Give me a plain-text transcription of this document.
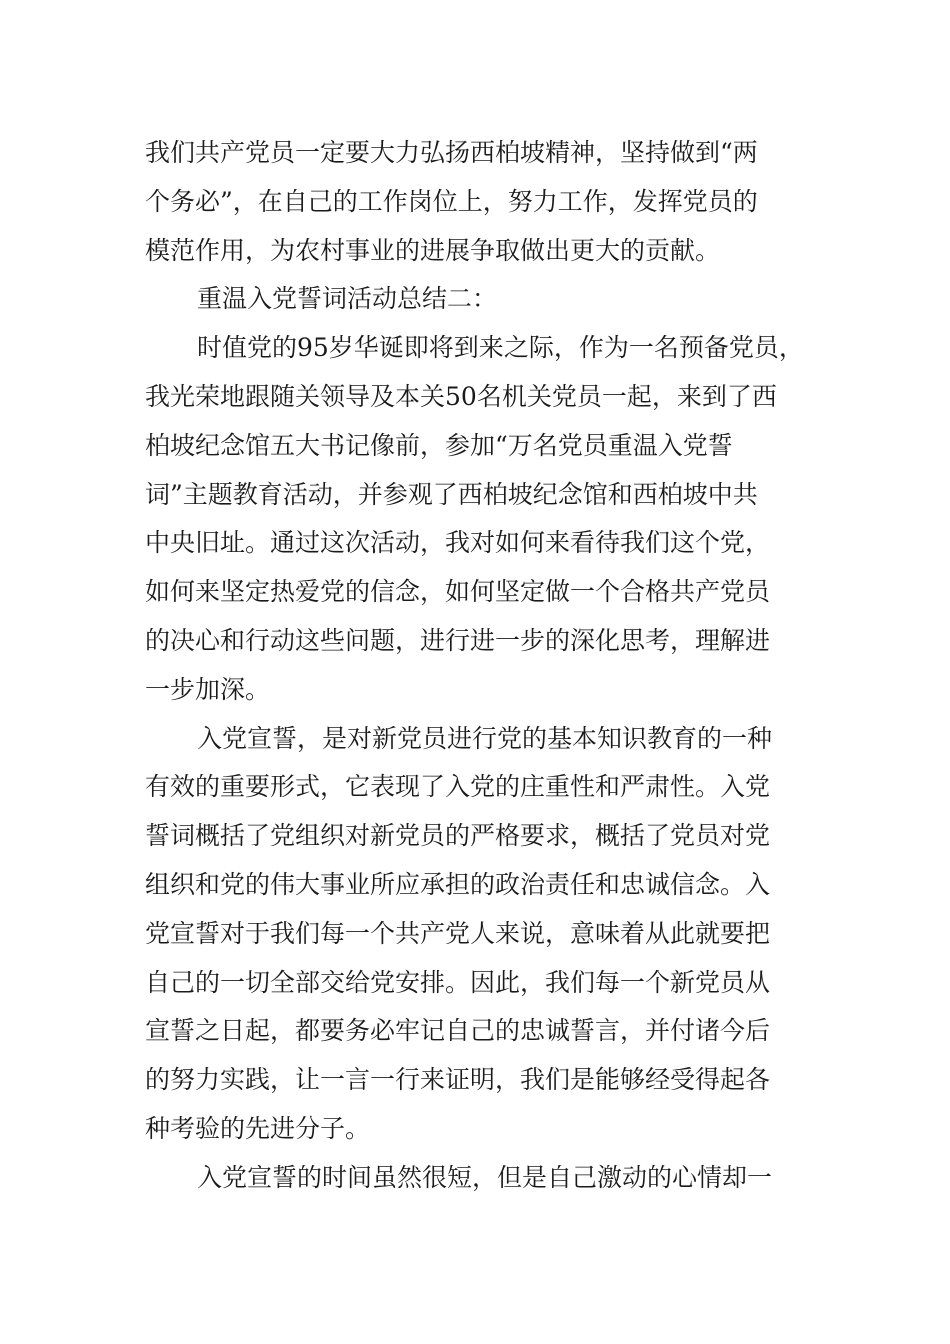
我们共产党员一定要大力弘扬西柏坡精神，坚持做到“两
个务必”，在自己的工作岗位上，努力工作，发挥党员的
模范作用，为农村事业的进展争取做出更大的贡献。
重温入党誓词活动总结二：
时值党的95岁华诞即将到来之际，作为一名预备党员，
我光荣地跟随关领导及本关50名机关党员一起，来到了西
柏坡纪念馆五大书记像前，参加“万名党员重温入党誓
词”主题教育活动，并参观了西柏坡纪念馆和西柏坡中共
中央旧址。通过这次活动，我对如何来看待我们这个党，
如何来坚定热爱党的信念，如何坚定做一个合格共产党员
的决心和行动这些问题，进行进一步的深化思考，理解进
一步加深。
入党宣誓，是对新党员进行党的基本知识教育的一种
有效的重要形式，它表现了入党的庄重性和严肃性。入党
誓词概括了党组织对新党员的严格要求，概括了党员对党
组织和党的伟大事业所应承担的政治责任和忠诚信念。入
党宣誓对于我们每一个共产党人来说，意味着从此就要把
自己的一切全部交给党安排。因此，我们每一个新党员从
宣誓之日起，都要务必牢记自己的忠诚誓言，并付诸今后
的努力实践，让一言一行来证明，我们是能够经受得起各
种考验的先进分子。
入党宣誓的时间虽然很短，但是自己激动的心情却一
